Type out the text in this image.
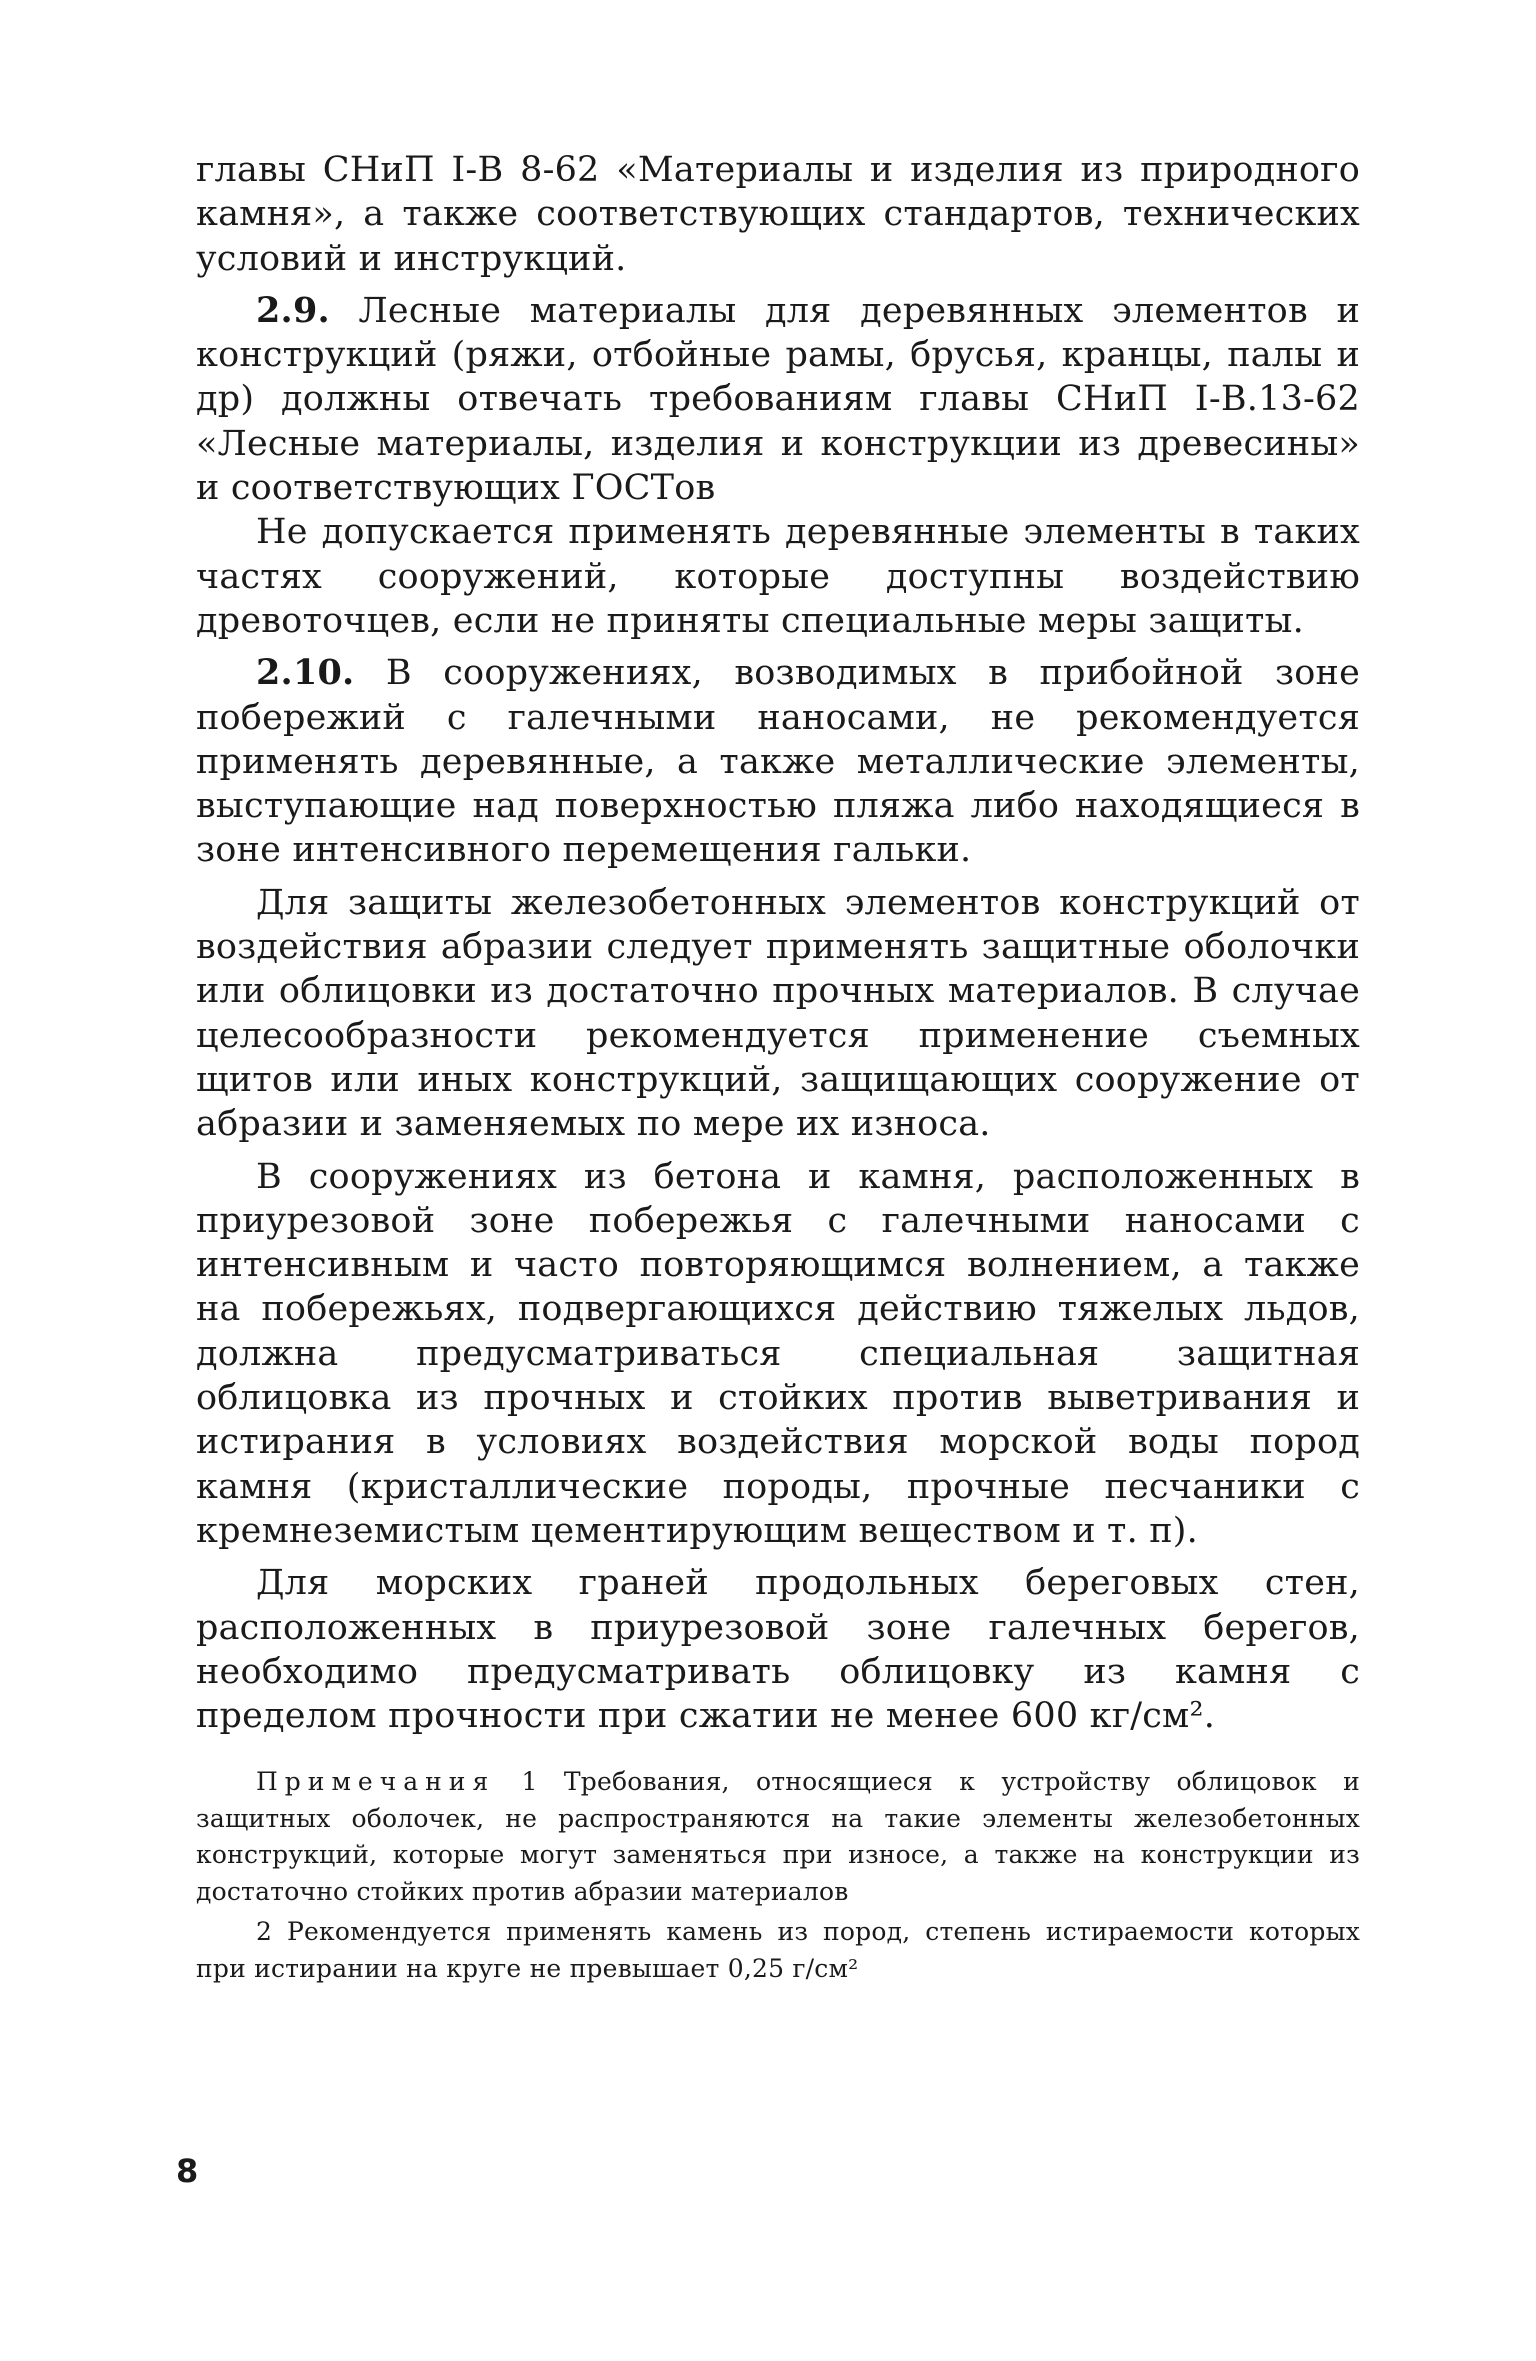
главы СНиП I-В 8-62 «Материалы и изделия из природного камня», а также соответствующих стандартов, технических условий и инструкций.

2.9. Лесные материалы для деревянных элементов и конструкций (ряжи, отбойные рамы, брусья, кранцы, палы и др) должны отвечать требованиям главы СНиП I-В.13-62 «Лесные материалы, изделия и конструкции из древесины» и соответствующих ГОСТов

Не допускается применять деревянные элементы в таких частях сооружений, которые доступны воздействию древоточцев, если не приняты специальные меры защиты.

2.10. В сооружениях, возводимых в прибойной зоне побережий с галечными наносами, не рекомендуется применять деревянные, а также металлические элементы, выступающие над поверхностью пляжа либо находящиеся в зоне интенсивного перемещения гальки.

Для защиты железобетонных элементов конструкций от воздействия абразии следует применять защитные оболочки или облицовки из достаточно прочных материалов. В случае целесообразности рекомендуется применение съемных щитов или иных конструкций, защищающих сооружение от абразии и заменяемых по мере их износа.

В сооружениях из бетона и камня, расположенных в приурезовой зоне побережья с галечными наносами с интенсивным и часто повторяющимся волнением, а также на побережьях, подвергающихся действию тяжелых льдов, должна предусматриваться специальная защитная облицовка из прочных и стойких против выветривания и истирания в условиях воздействия морской воды пород камня (кристаллические породы, прочные песчаники с кремнеземистым цементирующим веществом и т. п).

Для морских граней продольных береговых стен, расположенных в приурезовой зоне галечных берегов, необходимо предусматривать облицовку из камня с пределом прочности при сжатии не менее 600 кг/см².

Примечания 1 Требования, относящиеся к устройству облицовок и защитных оболочек, не распространяются на такие элементы железобетонных конструкций, которые могут заменяться при износе, а также на конструкции из достаточно стойких против абразии материалов

2 Рекомендуется применять камень из пород, степень истираемости которых при истирании на круге не превышает 0,25 г/см²

8
